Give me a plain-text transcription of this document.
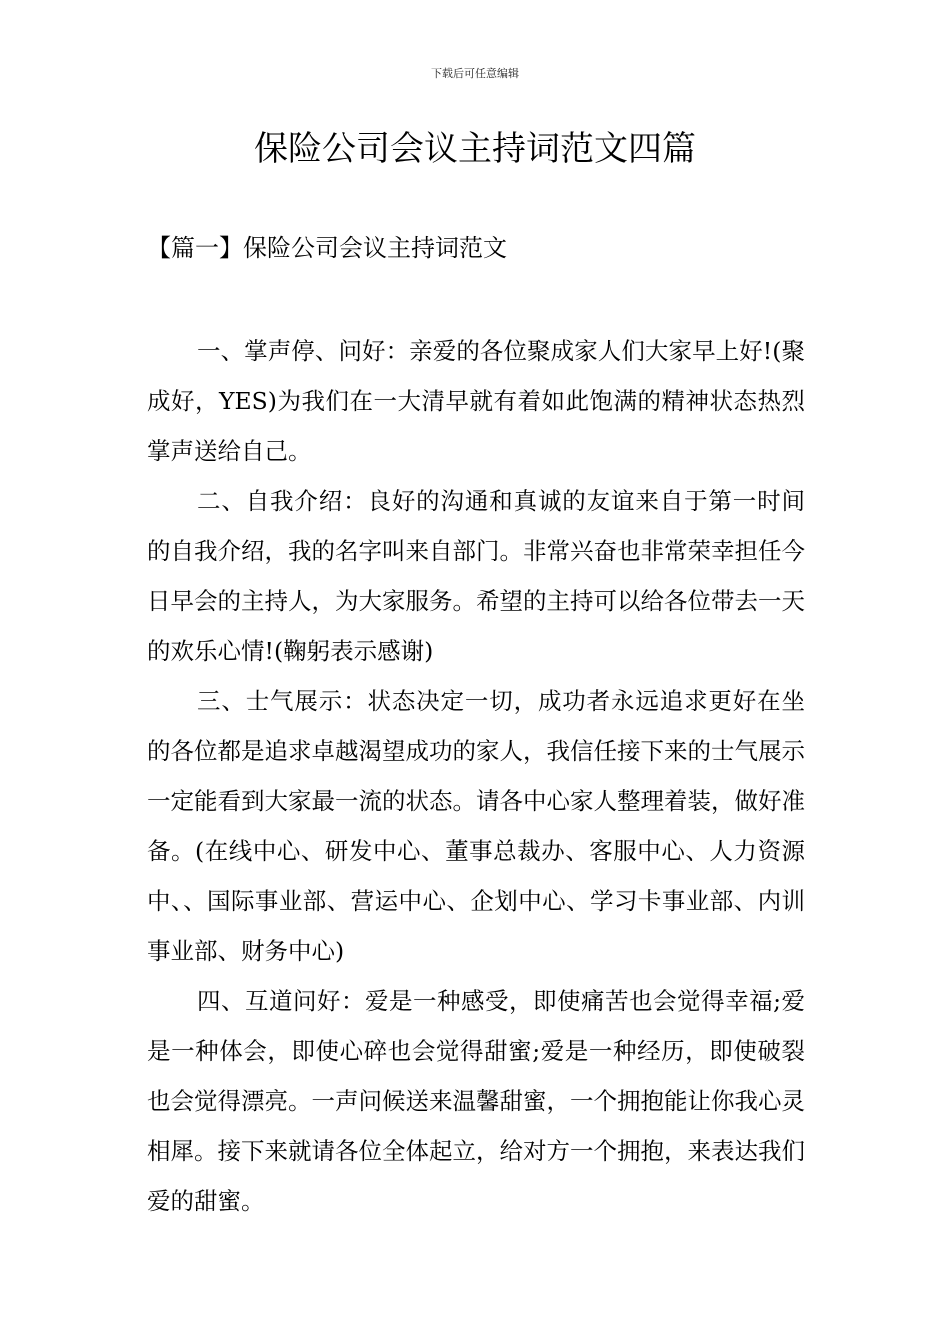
下载后可任意编辑
保险公司会议主持词范文四篇
【篇一】保险公司会议主持词范文

一、掌声停、问好：亲爱的各位聚成家人们大家早上好!(聚成好，YES)为我们在一大清早就有着如此饱满的精神状态热烈掌声送给自己。

二、自我介绍：良好的沟通和真诚的友谊来自于第一时间的自我介绍，我的名字叫来自部门。非常兴奋也非常荣幸担任今日早会的主持人，为大家服务。希望的主持可以给各位带去一天的欢乐心情!(鞠躬表示感谢)

三、士气展示：状态决定一切，成功者永远追求更好在坐的各位都是追求卓越渴望成功的家人，我信任接下来的士气展示一定能看到大家最一流的状态。请各中心家人整理着装，做好准备。(在线中心、研发中心、董事总裁办、客服中心、人力资源中、、国际事业部、营运中心、企划中心、学习卡事业部、内训事业部、财务中心)

四、互道问好：爱是一种感受，即使痛苦也会觉得幸福;爱是一种体会，即使心碎也会觉得甜蜜;爱是一种经历，即使破裂也会觉得漂亮。一声问候送来温馨甜蜜，一个拥抱能让你我心灵相犀。接下来就请各位全体起立，给对方一个拥抱，来表达我们爱的甜蜜。
